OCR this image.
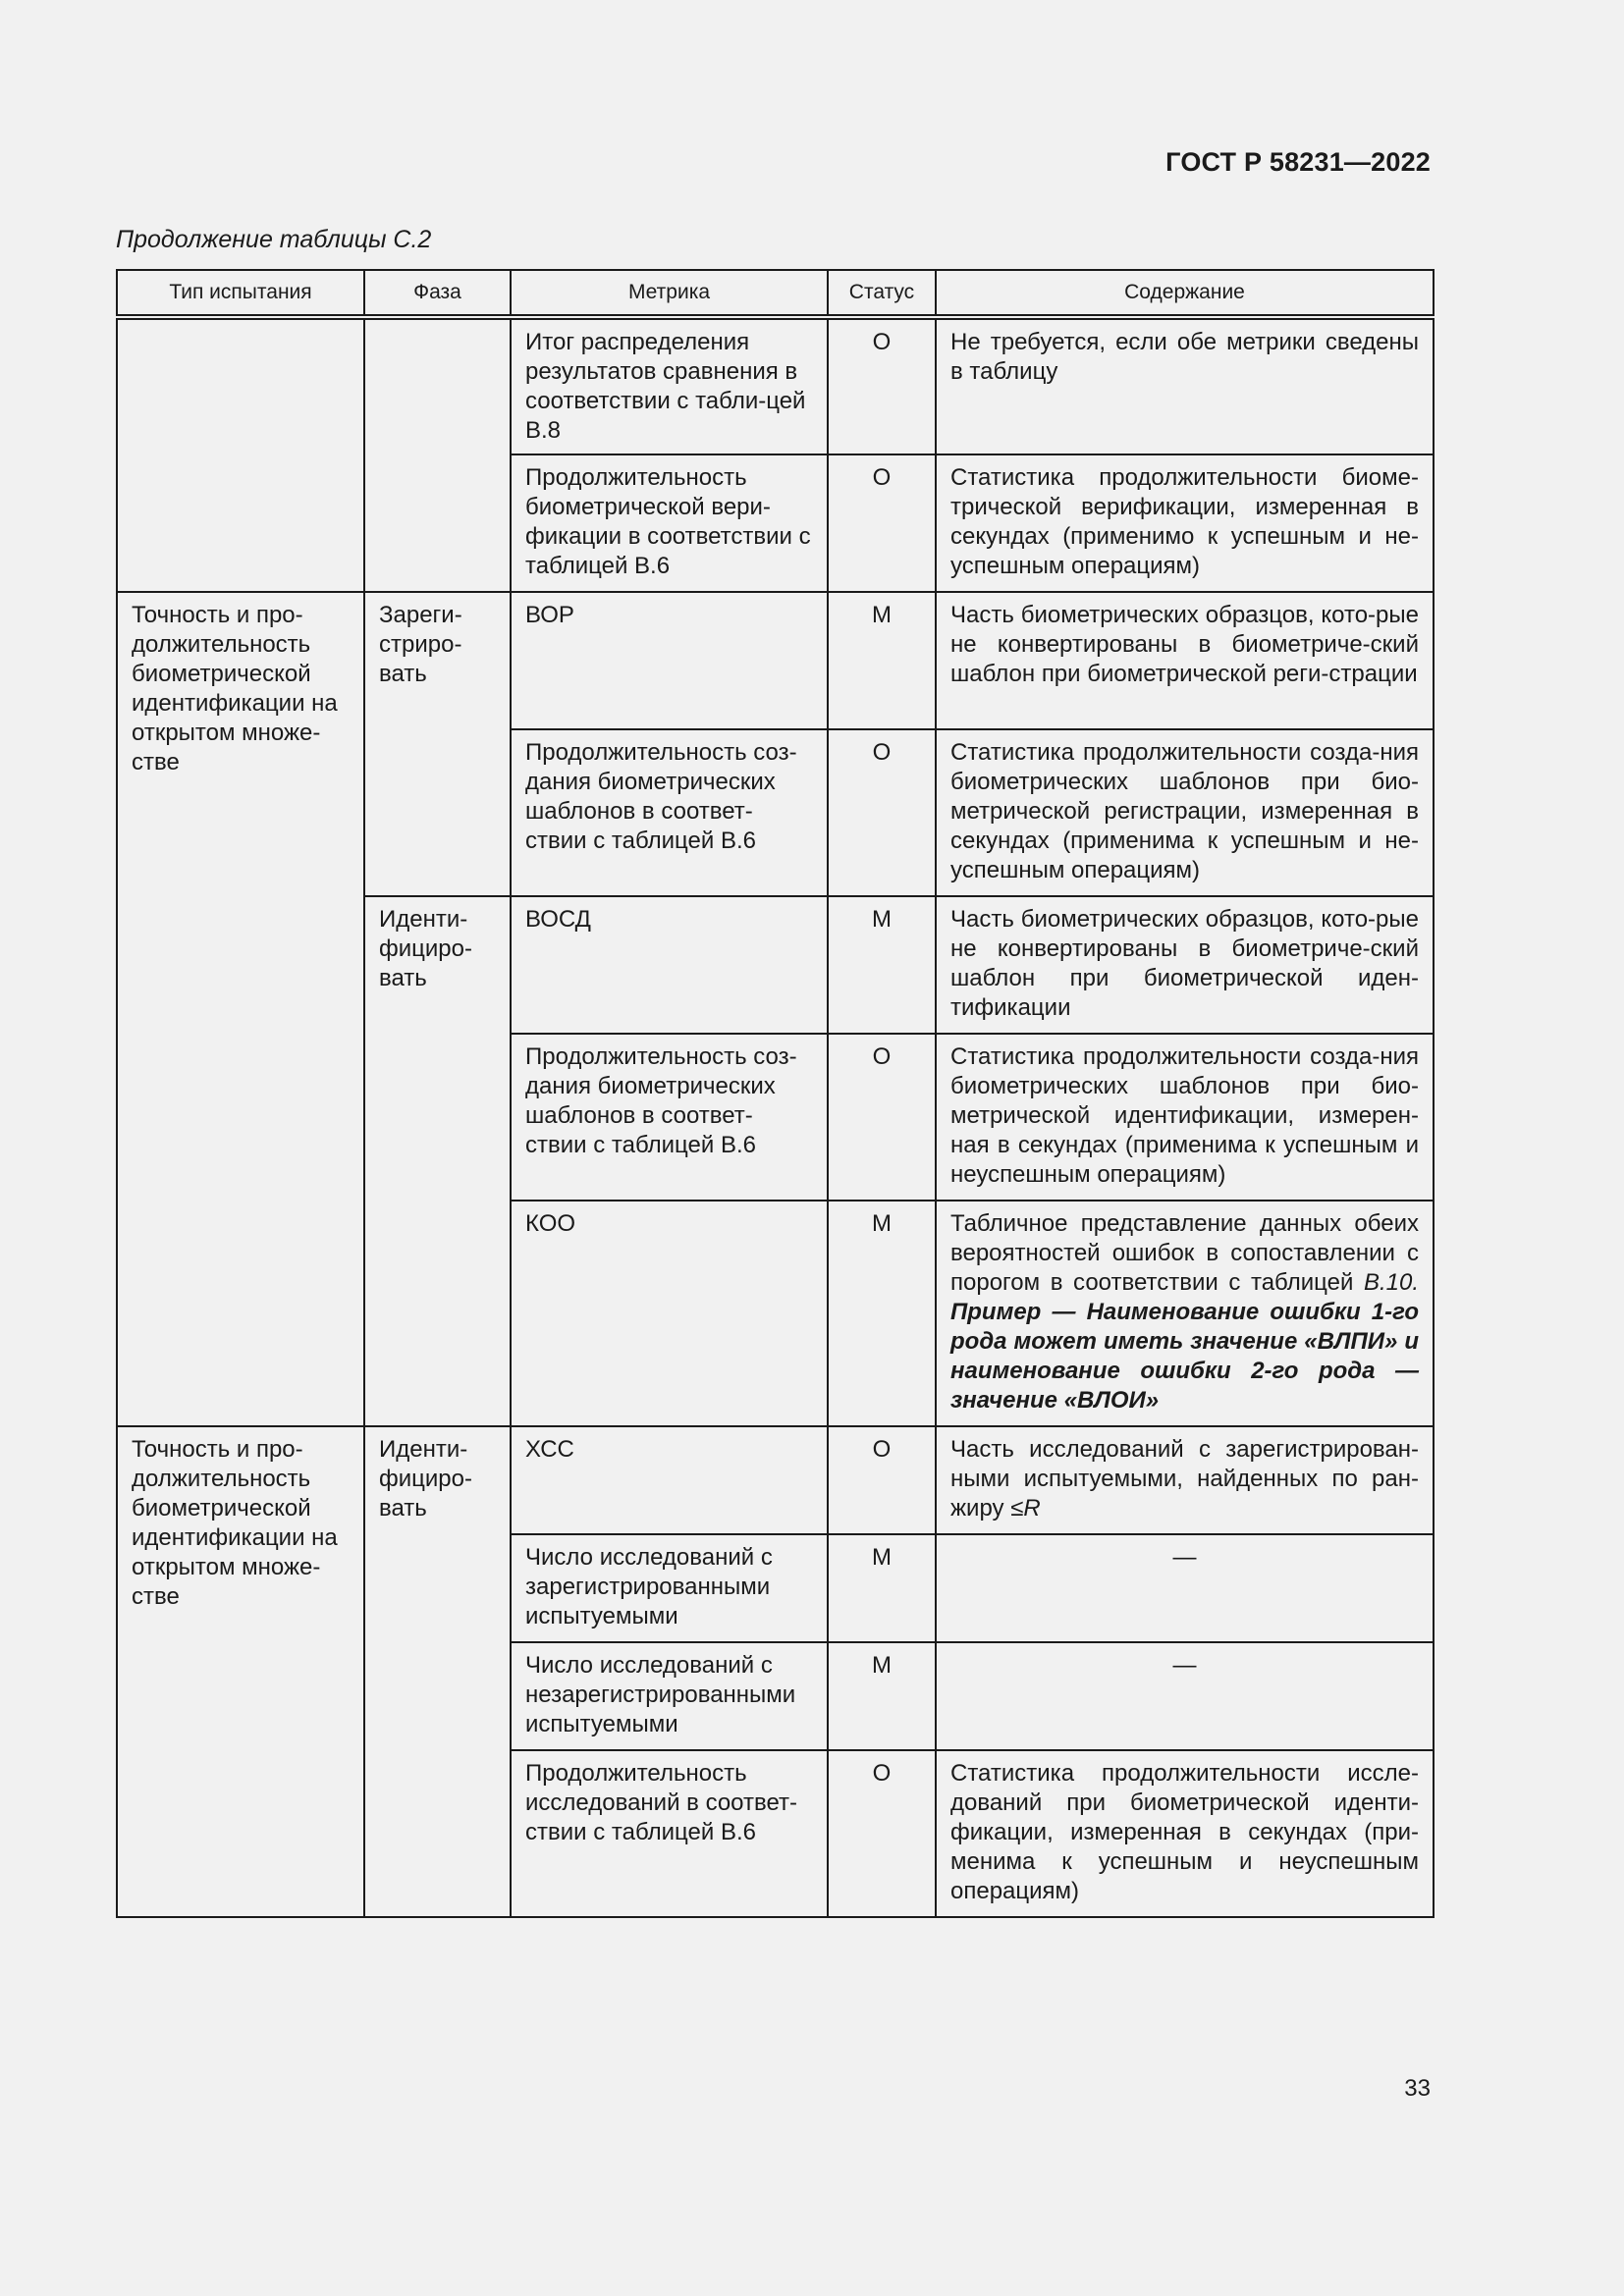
ГОСТ Р 58231—2022
Продолжение таблицы C.2
Тип испытания	Фаза	Метрика	Статус	Содержание
		Итог распределения результатов сравнения в соответствии с табли-цей В.8	O	Не требуется, если обе метрики сведены в таблицу
		Продолжительность биометрической вери-фикации в соответствии с таблицей В.6	O	Статистика продолжительности биоме-трической верификации, измеренная в секундах (применимо к успешным и не-успешным операциям)
Точность и про-должительность биометрической идентификации на открытом множе-стве	Зареги-стриро-вать	ВОР	M	Часть биометрических образцов, кото-рые не конвертированы в биометриче-ский шаблон при биометрической реги-страции
		Продолжительность соз-дания биометрических шаблонов в соответ-ствии с таблицей В.6	O	Статистика продолжительности созда-ния биометрических шаблонов при био-метрической регистрации, измеренная в секундах (применима к успешным и не-успешным операциям)
	Иденти-фициро-вать	ВОСД	M	Часть биометрических образцов, кото-рые не конвертированы в биометриче-ский шаблон при биометрической иден-тификации
		Продолжительность соз-дания биометрических шаблонов в соответ-ствии с таблицей В.6	O	Статистика продолжительности созда-ния биометрических шаблонов при био-метрической идентификации, измерен-ная в секундах (применима к успешным и неуспешным операциям)
		КОО	M	Табличное представление данных обеих вероятностей ошибок в сопоставлении с порогом в соответствии с таблицей В.10. Пример — Наименование ошибки 1-го рода может иметь значение «ВЛПИ» и наименование ошибки 2-го рода — значение «ВЛОИ»
Точность и про-должительность биометрической идентификации на открытом множе-стве	Иденти-фициро-вать	ХСС	O	Часть исследований с зарегистрирован-ными испытуемыми, найденных по ран-жиру ≤R
		Число исследований с зарегистрированными испытуемыми	M	—
		Число исследований с незарегистрированными испытуемыми	M	—
		Продолжительность исследований в соответ-ствии с таблицей В.6	O	Статистика продолжительности иссле-дований при биометрической иденти-фикации, измеренная в секундах (при-менима к успешным и неуспешным операциям)
33
